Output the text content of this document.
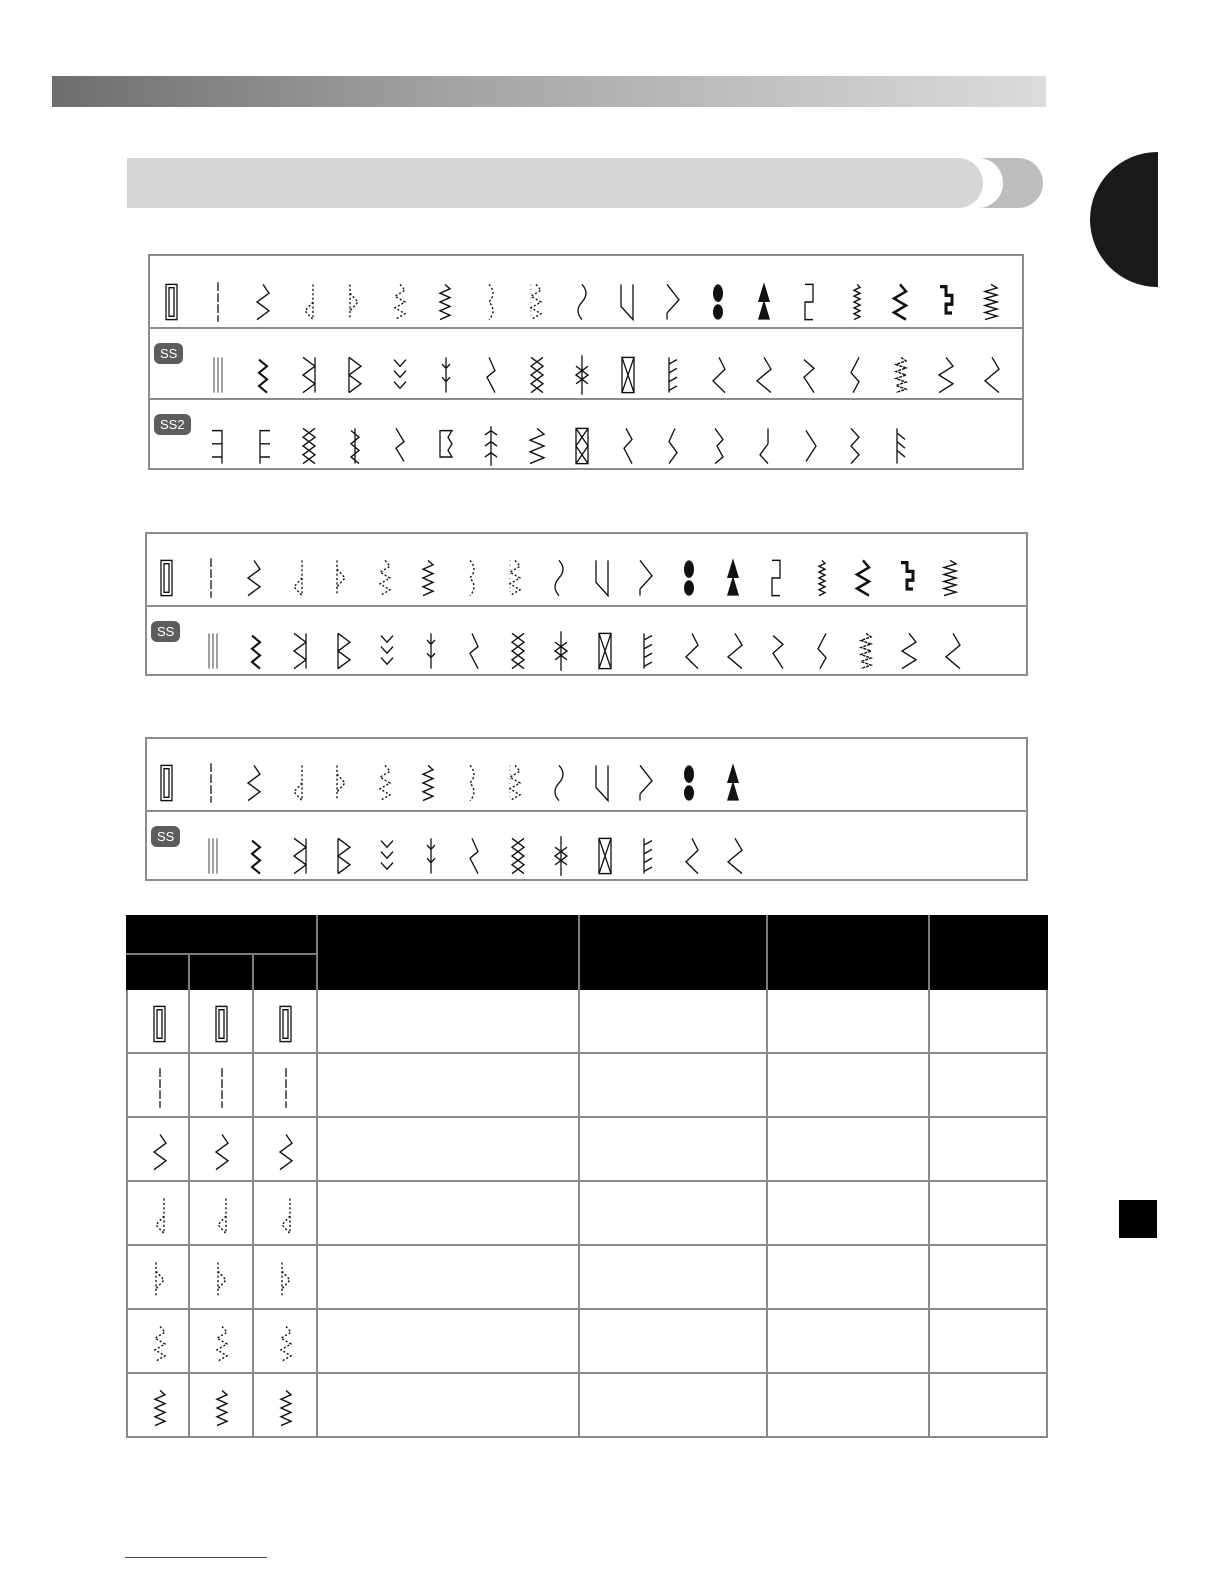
SS
SS2
SS
SS
